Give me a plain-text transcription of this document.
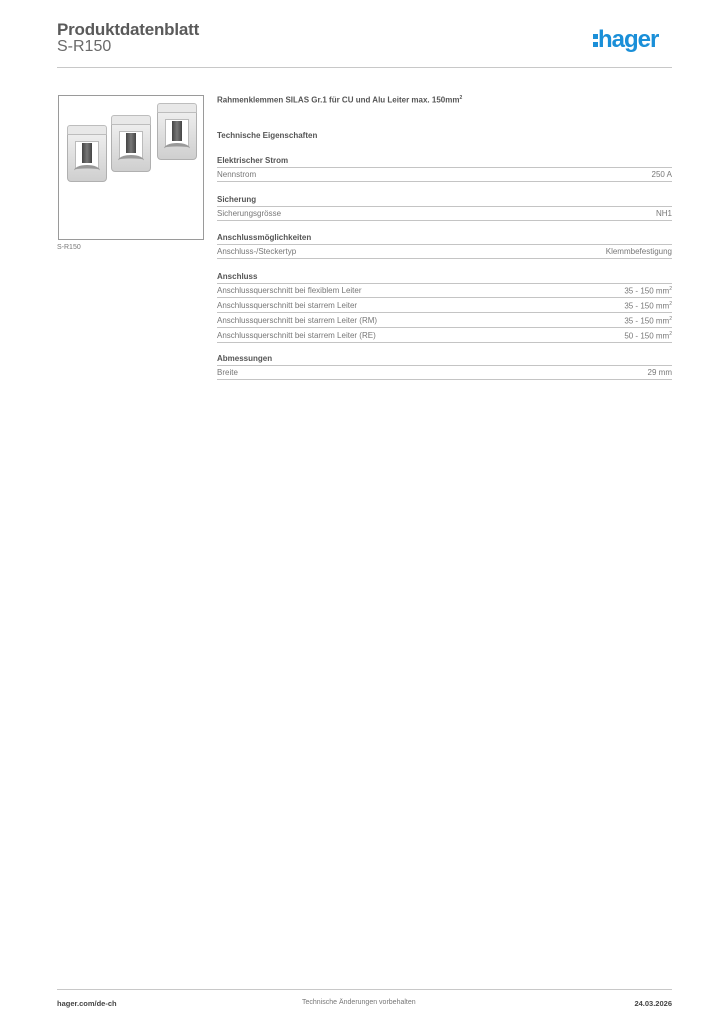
Produktdatenblatt
S-R150	hager
S-R150
Rahmenklemmen SILAS Gr.1 für CU und Alu Leiter max. $150mm^2$
Technische Eigenschaften
Elektrischer Strom
Nennstrom	250 A
Sicherung
Sicherungsgrösse	NH1
Anschlussmöglichkeiten
Anschluss-/Steckertyp	Klemmbefestigung
Anschluss
Anschlussquerschnitt bei flexiblem Leiter	35 - 150 $mm^2$
Anschlussquerschnitt bei starrem Leiter	35 - 150 $mm^2$
Anschlussquerschnitt bei starrem Leiter (RM)	35 - 150 $mm^2$
Anschlussquerschnitt bei starrem Leiter (RE)	50 - 150 $mm^2$
Abmessungen
Breite	29 mm
hager.com/de-ch	Technische Änderungen vorbehalten	24.03.2026
